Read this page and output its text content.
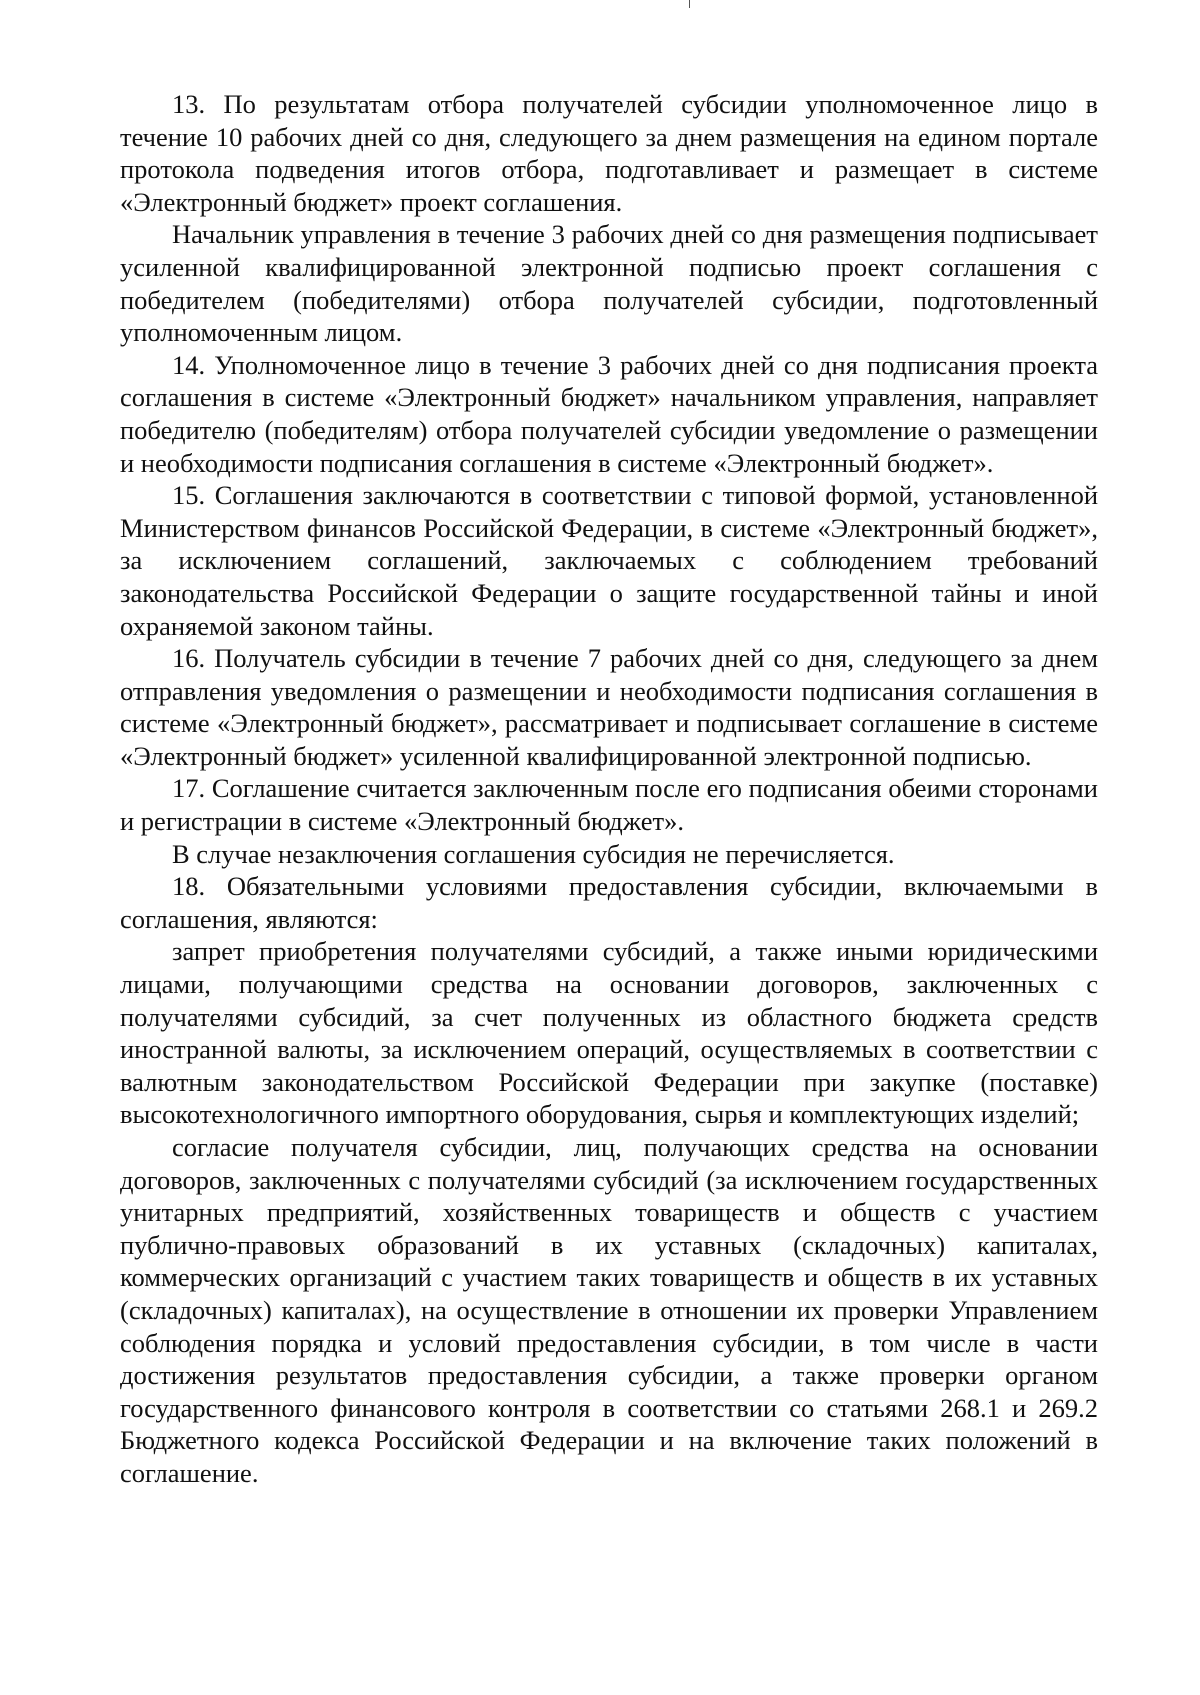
13. По результатам отбора получателей субсидии уполномоченное лицо в течение 10 рабочих дней со дня, следующего за днем размещения на едином портале протокола подведения итогов отбора, подготавливает и размещает в системе «Электронный бюджет» проект соглашения.

Начальник управления в течение 3 рабочих дней со дня размещения подписывает усиленной квалифицированной электронной подписью проект соглашения с победителем (победителями) отбора получателей субсидии, подготовленный уполномоченным лицом.

14. Уполномоченное лицо в течение 3 рабочих дней со дня подписания проекта соглашения в системе «Электронный бюджет» начальником управления, направляет победителю (победителям) отбора получателей субсидии уведомление о размещении и необходимости подписания соглашения в системе «Электронный бюджет».

15. Соглашения заключаются в соответствии с типовой формой, установленной Министерством финансов Российской Федерации, в системе «Электронный бюджет», за исключением соглашений, заключаемых с соблюдением требований законодательства Российской Федерации о защите государственной тайны и иной охраняемой законом тайны.

16. Получатель субсидии в течение 7 рабочих дней со дня, следующего за днем отправления уведомления о размещении и необходимости подписания соглашения в системе «Электронный бюджет», рассматривает и подписывает соглашение в системе «Электронный бюджет» усиленной квалифицированной электронной подписью.

17. Соглашение считается заключенным после его подписания обеими сторонами и регистрации в системе «Электронный бюджет».

В случае незаключения соглашения субсидия не перечисляется.

18. Обязательными условиями предоставления субсидии, включаемыми в соглашения, являются:

запрет приобретения получателями субсидий, а также иными юридическими лицами, получающими средства на основании договоров, заключенных с получателями субсидий, за счет полученных из областного бюджета средств иностранной валюты, за исключением операций, осуществляемых в соответствии с валютным законодательством Российской Федерации при закупке (поставке) высокотехнологичного импортного оборудования, сырья и комплектующих изделий;

согласие получателя субсидии, лиц, получающих средства на основании договоров, заключенных с получателями субсидий (за исключением государственных унитарных предприятий, хозяйственных товариществ и обществ с участием публично-правовых образований в их уставных (складочных) капиталах, коммерческих организаций с участием таких товариществ и обществ в их уставных (складочных) капиталах), на осуществление в отношении их проверки Управлением соблюдения порядка и условий предоставления субсидии, в том числе в части достижения результатов предоставления субсидии, а также проверки органом государственного финансового контроля в соответствии со статьями 268.1 и 269.2 Бюджетного кодекса Российской Федерации и на включение таких положений в соглашение.
